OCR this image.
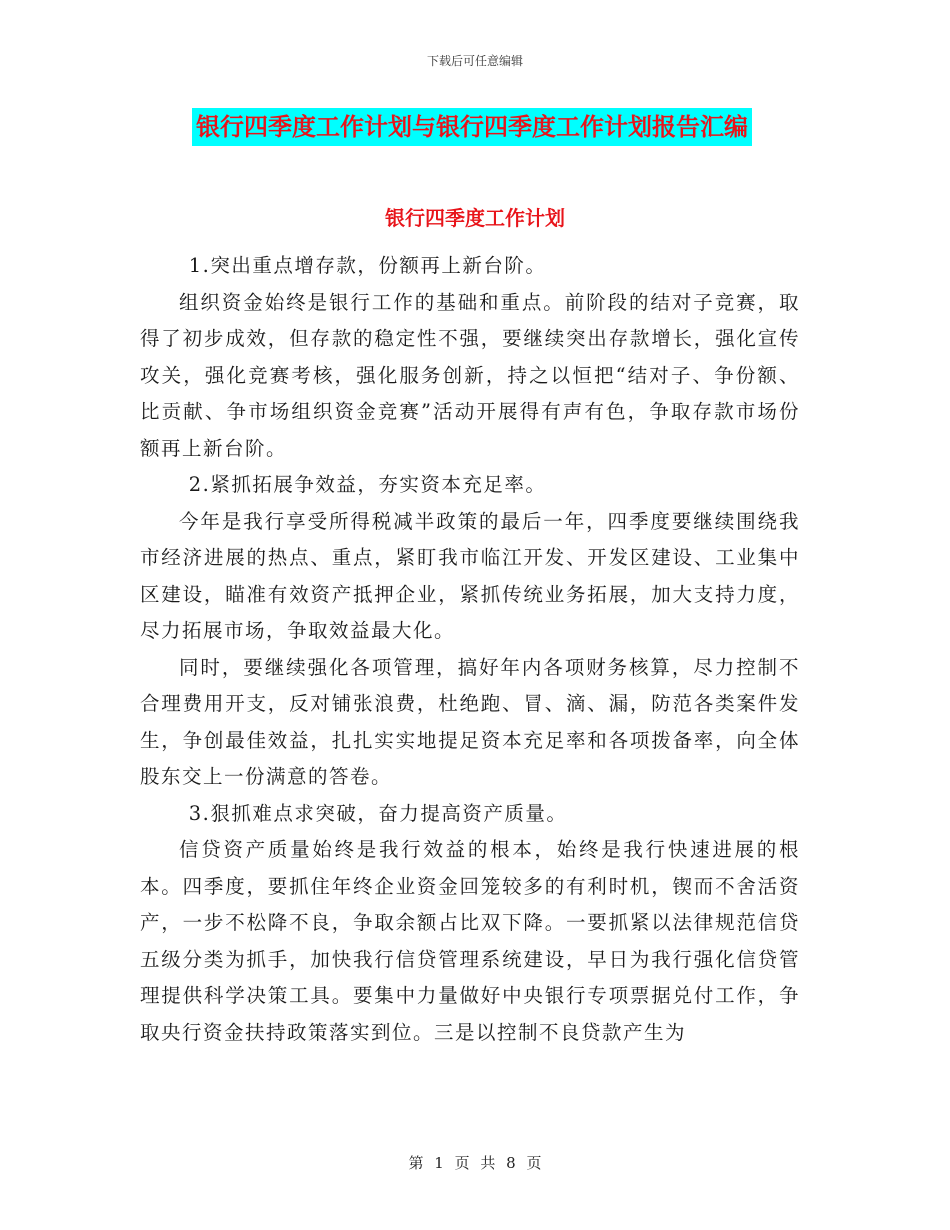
下载后可任意编辑
银行四季度工作计划与银行四季度工作计划报告汇编
银行四季度工作计划

1.突出重点增存款，份额再上新台阶。

组织资金始终是银行工作的基础和重点。前阶段的结对子竞赛，取得了初步成效，但存款的稳定性不强，要继续突出存款增长，强化宣传攻关，强化竞赛考核，强化服务创新，持之以恒把“结对子、争份额、比贡献、争市场组织资金竞赛”活动开展得有声有色，争取存款市场份额再上新台阶。

2.紧抓拓展争效益，夯实资本充足率。

今年是我行享受所得税减半政策的最后一年，四季度要继续围绕我市经济进展的热点、重点，紧盯我市临江开发、开发区建设、工业集中区建设，瞄准有效资产抵押企业，紧抓传统业务拓展，加大支持力度，尽力拓展市场，争取效益最大化。

同时，要继续强化各项管理，搞好年内各项财务核算，尽力控制不合理费用开支，反对铺张浪费，杜绝跑、冒、滴、漏，防范各类案件发生，争创最佳效益，扎扎实实地提足资本充足率和各项拨备率，向全体股东交上一份满意的答卷。

3.狠抓难点求突破，奋力提高资产质量。

信贷资产质量始终是我行效益的根本，始终是我行快速进展的根本。四季度，要抓住年终企业资金回笼较多的有利时机，锲而不舍活资产，一步不松降不良，争取余额占比双下降。一要抓紧以法律规范信贷五级分类为抓手，加快我行信贷管理系统建设，早日为我行强化信贷管理提供科学决策工具。要集中力量做好中央银行专项票据兑付工作，争取央行资金扶持政策落实到位。三是以控制不良贷款产生为

第 1 页 共 8 页
